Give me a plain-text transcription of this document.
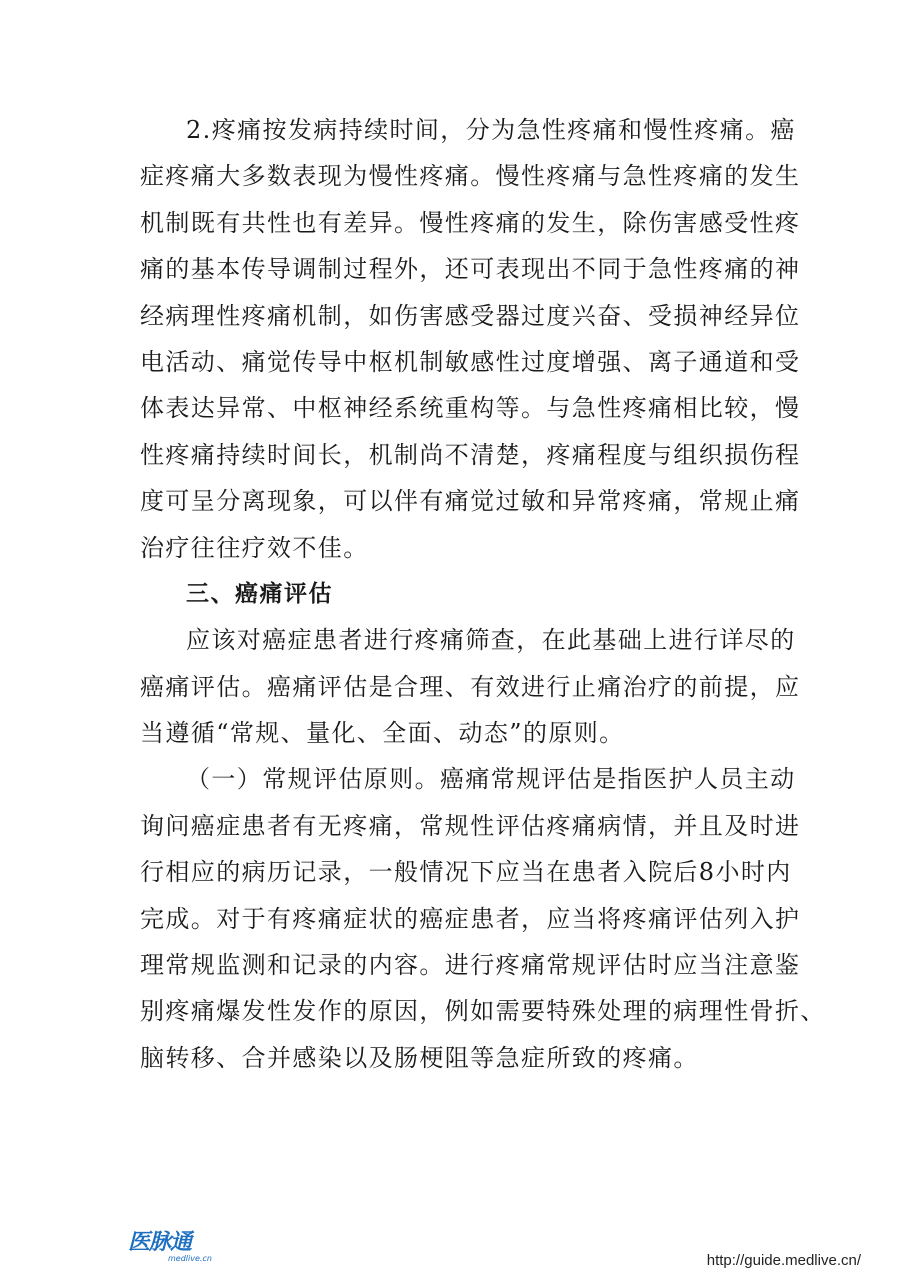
2.疼痛按发病持续时间，分为急性疼痛和慢性疼痛。癌
症疼痛大多数表现为慢性疼痛。慢性疼痛与急性疼痛的发生
机制既有共性也有差异。慢性疼痛的发生，除伤害感受性疼
痛的基本传导调制过程外，还可表现出不同于急性疼痛的神
经病理性疼痛机制，如伤害感受器过度兴奋、受损神经异位
电活动、痛觉传导中枢机制敏感性过度增强、离子通道和受
体表达异常、中枢神经系统重构等。与急性疼痛相比较，慢
性疼痛持续时间长，机制尚不清楚，疼痛程度与组织损伤程
度可呈分离现象，可以伴有痛觉过敏和异常疼痛，常规止痛
治疗往往疗效不佳。
三、癌痛评估
应该对癌症患者进行疼痛筛查，在此基础上进行详尽的
癌痛评估。癌痛评估是合理、有效进行止痛治疗的前提，应
当遵循“常规、量化、全面、动态”的原则。
（一）常规评估原则。癌痛常规评估是指医护人员主动
询问癌症患者有无疼痛，常规性评估疼痛病情，并且及时进
行相应的病历记录，一般情况下应当在患者入院后8小时内
完成。对于有疼痛症状的癌症患者，应当将疼痛评估列入护
理常规监测和记录的内容。进行疼痛常规评估时应当注意鉴
别疼痛爆发性发作的原因，例如需要特殊处理的病理性骨折、
脑转移、合并感染以及肠梗阻等急症所致的疼痛。
医脉通
medlive.cn	http://guide.medlive.cn/
